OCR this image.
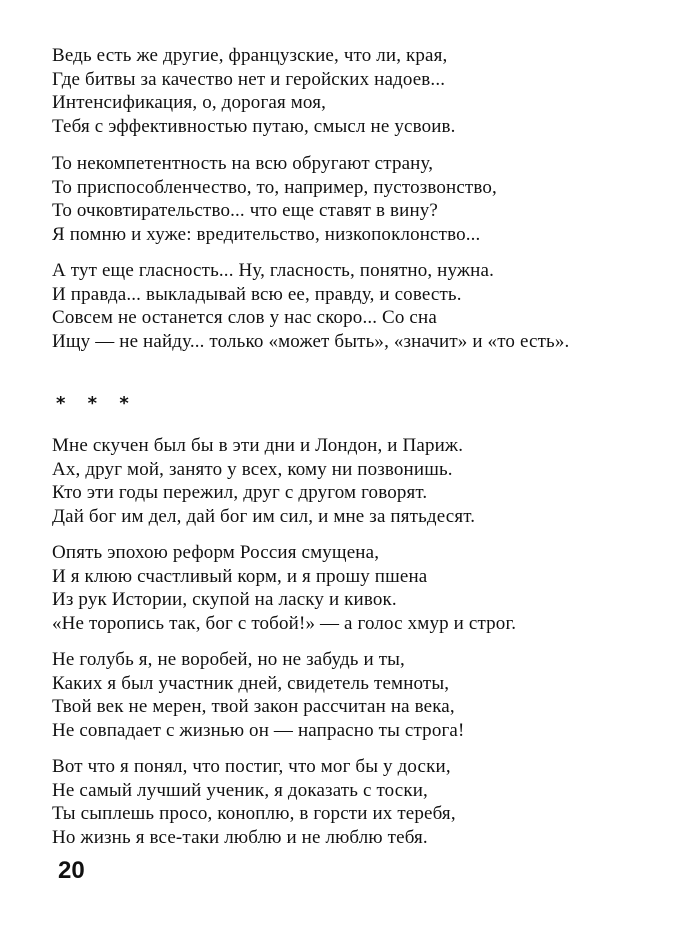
Ведь есть же другие, французские, что ли, края,
Где битвы за качество нет и геройских надоев...
Интенсификация, о, дорогая моя,
Тебя с эффективностью путаю, смысл не усвоив.
То некомпетентность на всю обругают страну,
То приспособленчество, то, например, пустозвонство,
То очковтирательство... что еще ставят в вину?
Я помню и хуже: вредительство, низкопоклонство...
А тут еще гласность... Ну, гласность, понятно, нужна.
И правда... выкладывай всю ее, правду, и совесть.
Совсем не останется слов у нас скоро... Со сна
Ищу — не найду... только «может быть», «значит» и «то есть».
* * *
Мне скучен был бы в эти дни и Лондон, и Париж.
Ах, друг мой, занято у всех, кому ни позвонишь.
Кто эти годы пережил, друг с другом говорят.
Дай бог им дел, дай бог им сил, и мне за пятьдесят.
Опять эпохою реформ Россия смущена,
И я клюю счастливый корм, и я прошу пшена
Из рук Истории, скупой на ласку и кивок.
«Не торопись так, бог с тобой!» — а голос хмур и строг.
Не голубь я, не воробей, но не забудь и ты,
Каких я был участник дней, свидетель темноты,
Твой век не мерен, твой закон рассчитан на века,
Не совпадает с жизнью он — напрасно ты строга!
Вот что я понял, что постиг, что мог бы у доски,
Не самый лучший ученик, я доказать с тоски,
Ты сыплешь просо, коноплю, в горсти их теребя,
Но жизнь я все-таки люблю и не люблю тебя.
20
